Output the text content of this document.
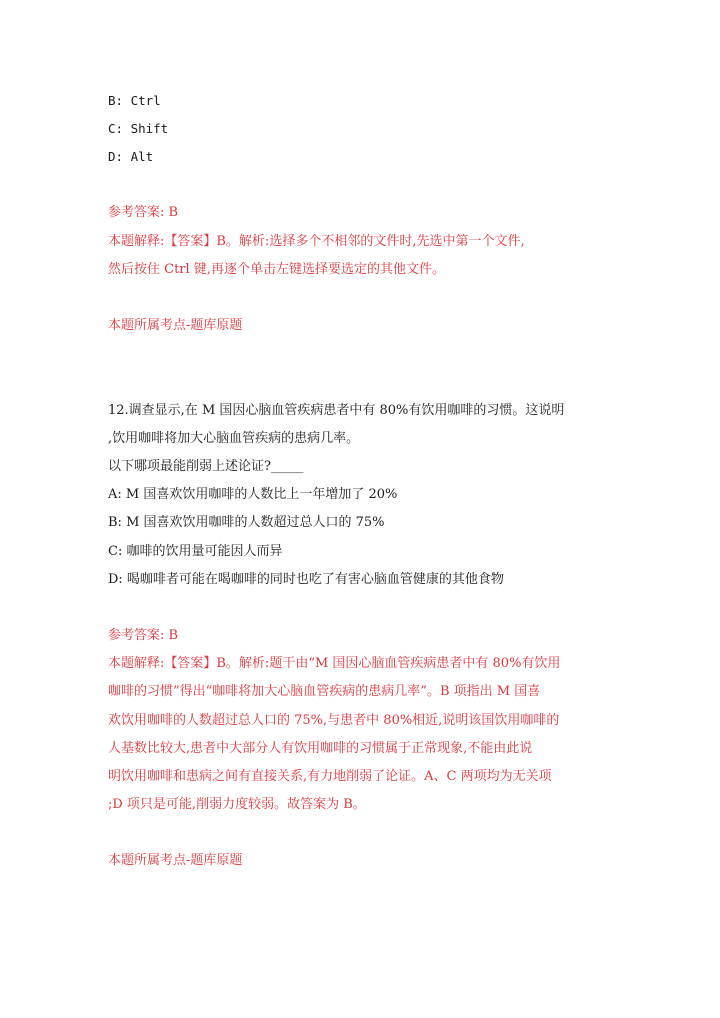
B: Ctrl
C: Shift
D: Alt
参考答案: B
本题解释:【答案】B。解析:选择多个不相邻的文件时,先选中第一个文件,
然后按住 Ctrl 键,再逐个单击左键选择要选定的其他文件。
本题所属考点-题库原题
12.调查显示,在 M 国因心脑血管疾病患者中有 80%有饮用咖啡的习惯。这说明
,饮用咖啡将加大心脑血管疾病的患病几率。
以下哪项最能削弱上述论证?_____
A: M 国喜欢饮用咖啡的人数比上一年增加了 20%
B: M 国喜欢饮用咖啡的人数超过总人口的 75%
C: 咖啡的饮用量可能因人而异
D: 喝咖啡者可能在喝咖啡的同时也吃了有害心脑血管健康的其他食物
参考答案: B
本题解释:【答案】B。解析:题干由“M 国因心脑血管疾病患者中有 80%有饮用
咖啡的习惯”得出“咖啡将加大心脑血管疾病的患病几率”。B 项指出 M 国喜
欢饮用咖啡的人数超过总人口的 75%,与患者中 80%相近,说明该国饮用咖啡的
人基数比较大,患者中大部分人有饮用咖啡的习惯属于正常现象,不能由此说
明饮用咖啡和患病之间有直接关系,有力地削弱了论证。A、C 两项均为无关项
;D 项只是可能,削弱力度较弱。故答案为 B。
本题所属考点-题库原题
